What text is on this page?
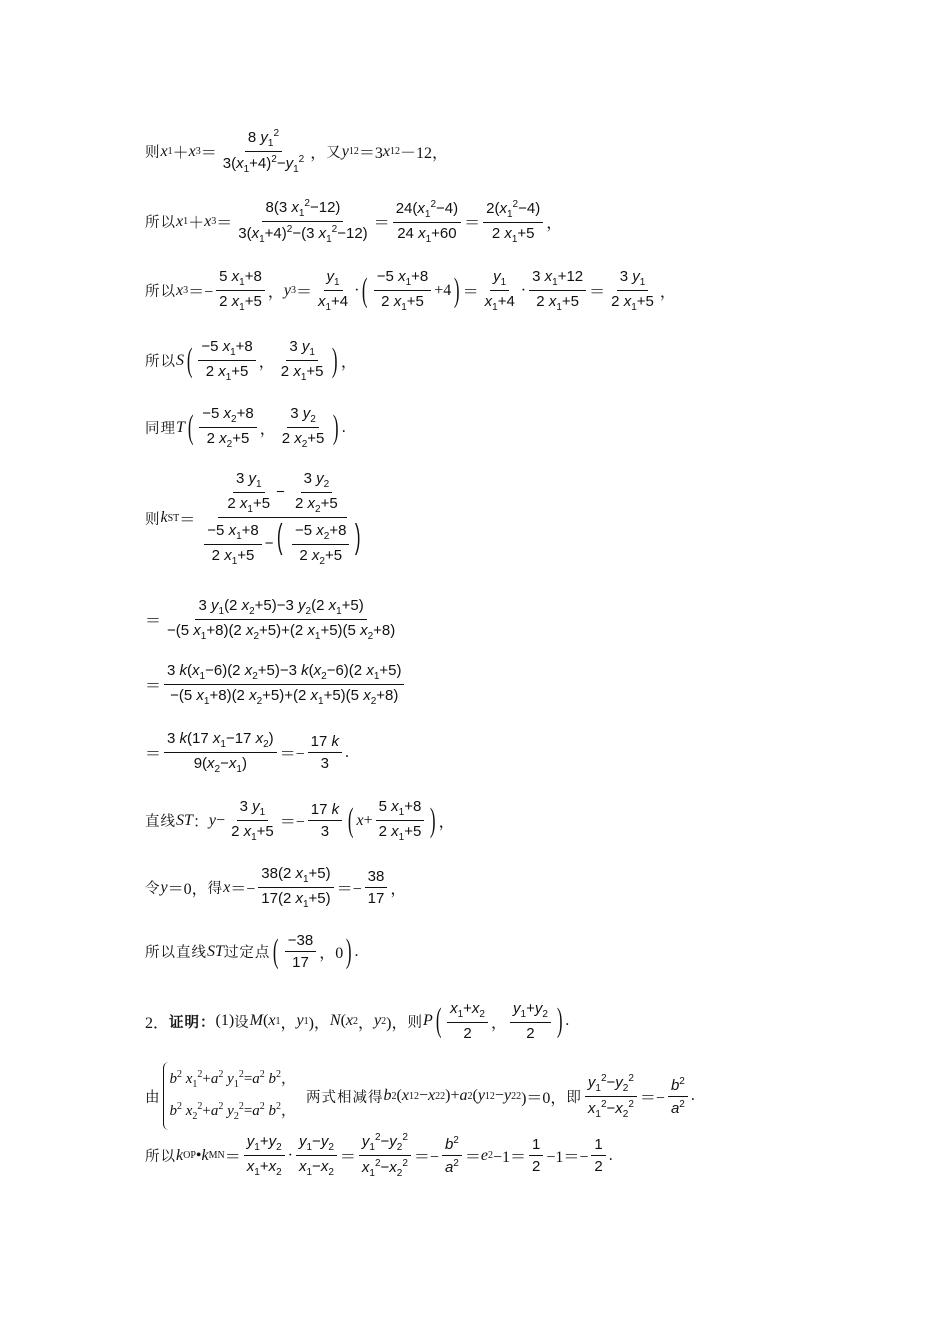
则 x 1 ＋ x $3 = \frac{8 y_1^2}{3(x_1+4)^2-y_1^2}$ ， 又 y 1 2 ＝3 x 1 2 －12，
所以 x 1 ＋ x $3 = \frac{8(3 x_1^2-12)}{3(x_1+4)^2-(3 x_1^2-12)} = \frac{24(x_1^2-4)}{24 x_1+60} = \frac{2(x_1^2-4)}{2 x_1+5}$ ，
所以 x $3 =- \frac{5 x_1+8}{2 x_1+5}$ ， y $3 = \frac{y_1}{x_1+4}$ · ( $\frac{-5 x_1+8}{2 x_1+5} +4$ ) ＝ $\frac{y_1}{x_1+4} \cdot \frac{3 x_1+12}{2 x_1+5} = \frac{3 y_1}{2 x_1+5}$ ，
所以 S ( $\frac{-5 x_1+8}{2 x_1+5}$ ， $\frac{3 y_1}{2 x_1+5}$ ) ，
同理 T ( $\frac{-5 x_2+8}{2 x_2+5}$ ， $\frac{3 y_2}{2 x_2+5}$ ) .
则 k ST ＝ $\frac{\frac{3 y_1}{2 x_1+5} - \frac{3 y_2}{2 x_2+5}}{\frac{-5 x_1+8}{2 x_1+5} -( \frac{-5 x_2+8}{2 x_2+5} )}$
＝ $\frac{3 y_1(2 x_2+5)-3 y_2(2 x_1+5)}{-(5 x_1+8)(2 x_2+5)+(2 x_1+5)(5 x_2+8)}$
＝ $\frac{3 k(x_1-6)(2 x_2+5)-3 k(x_2-6)(2 x_1+5)}{-(5 x_1+8)(2 x_2+5)+(2 x_1+5)(5 x_2+8)}$
＝ $\frac{3 k(17 x_1-17 x_2)}{9(x_2-x_1)} =- \frac{17 k}{3}$ .
直线 ST ： $y - \frac{3 y_1}{2 x_1+5} =- \frac{17 k}{3}$ ( $x + \frac{5 x_1+8}{2 x_1+5}$ ) ，
令 y ＝0， 得 $x =- \frac{38(2 x_1+5)}{17(2 x_1+5)} =- \frac{38}{17}$ ，
所以直线 ST 过定点 ( $\frac{-38}{17}$ ，0 ) .
2． 证明： (1) 设 M ( x 1 ， y 1 )， N ( x 2 ， y 2 )， 则 P ( $\frac{x_1+x_2}{2}$ ， $\frac{y_1+y_2}{2}$ ) .
由
$b^2$ $x_1^2+a^2$ $y_1^2=a^2$ $b^2$，
$b^2$ $x_2^2+a^2$ $y_2^2=a^2$ $b^2$，
两式相减得 b 2 ( x 1 2 − x 2 2 )+ a 2 ( y 1 2 − y 2 2 )＝0， 即 $\frac{y_1^2-y_2^2}{x_1^2-x_2^2} =- \frac{b^2}{a^2}$ .
所以 k OP • k MN ＝ $\frac{y_1+y_2}{x_1+x_2} \cdot \frac{y_1-y_2}{x_1-x_2} = \frac{y_1^2-y_2^2}{x_1^2-x_2^2} =- \frac{b^2}{a^2} = e$ $2 -1= \frac{1}{2} -1=- \frac{1}{2}$ .
